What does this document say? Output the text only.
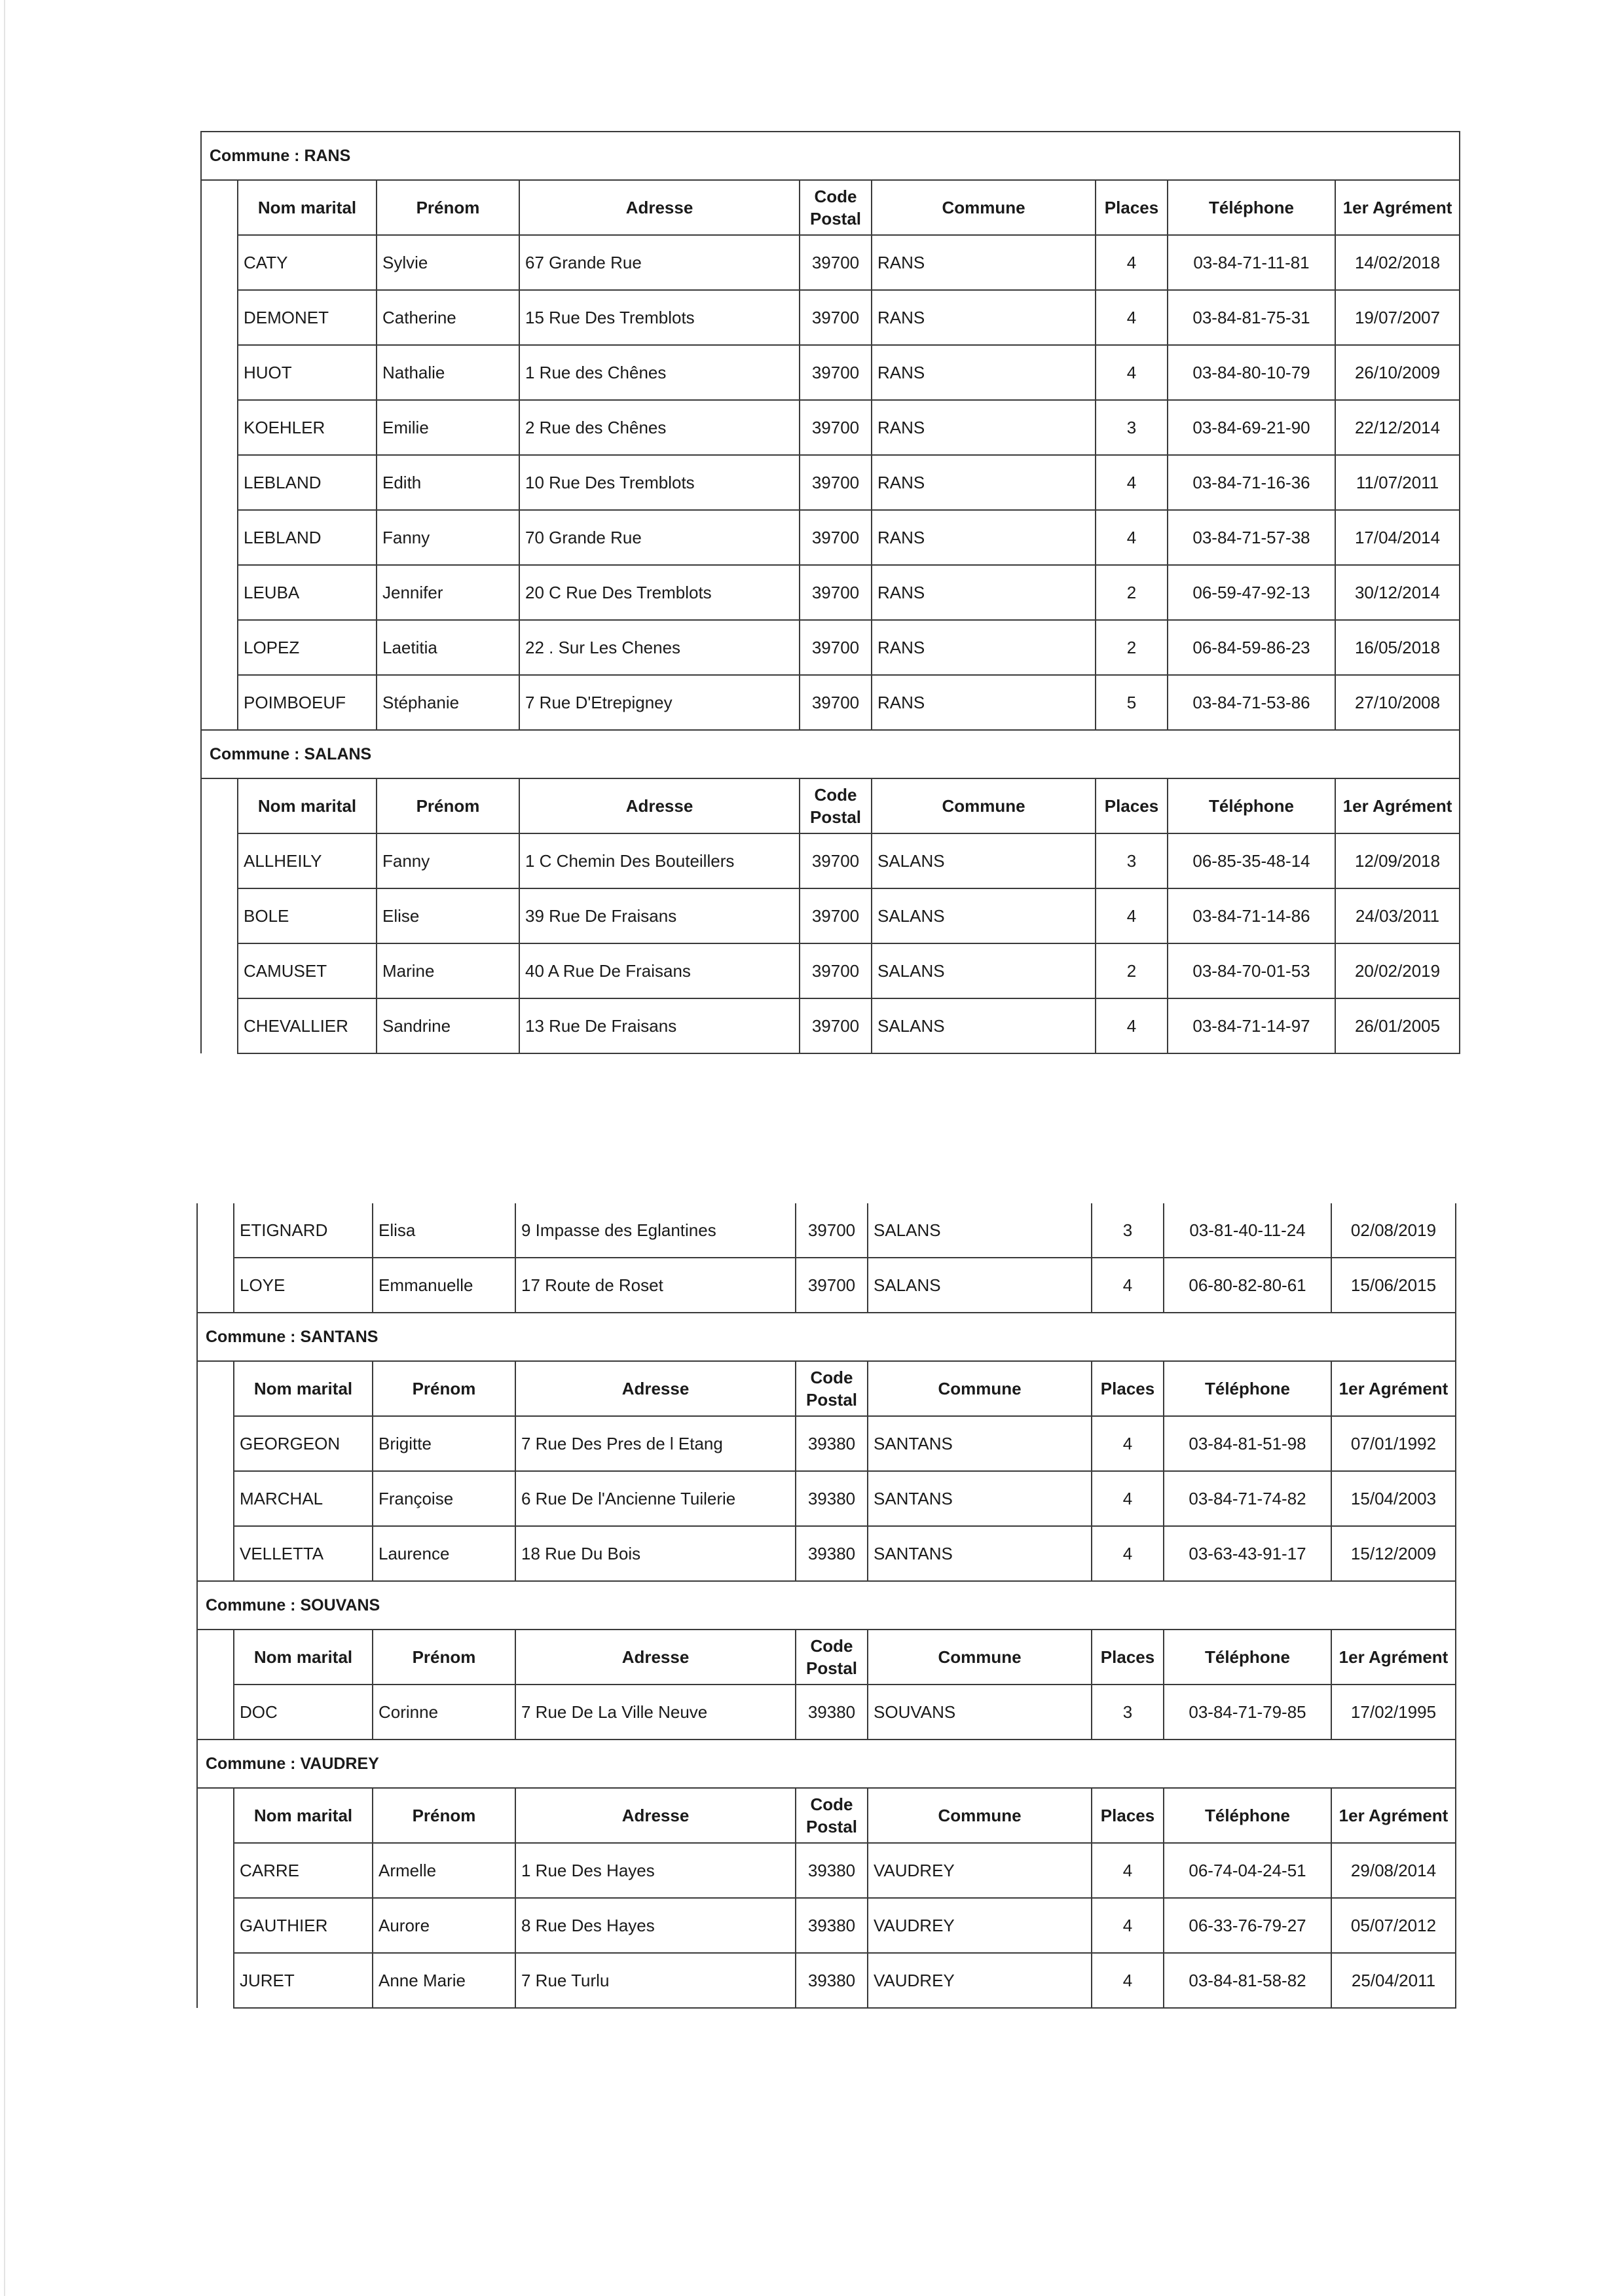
Commune : RANS								
	Nom marital	Prénom	Adresse	Code Postal	Commune	Places	Téléphone	1er Agrément
	CATY	Sylvie	67 Grande Rue	39700	RANS	4	03-84-71-11-81	14/02/2018
	DEMONET	Catherine	15 Rue Des Tremblots	39700	RANS	4	03-84-81-75-31	19/07/2007
	HUOT	Nathalie	1 Rue des Chênes	39700	RANS	4	03-84-80-10-79	26/10/2009
	KOEHLER	Emilie	2 Rue des Chênes	39700	RANS	3	03-84-69-21-90	22/12/2014
	LEBLAND	Edith	10 Rue Des Tremblots	39700	RANS	4	03-84-71-16-36	11/07/2011
	LEBLAND	Fanny	70 Grande Rue	39700	RANS	4	03-84-71-57-38	17/04/2014
	LEUBA	Jennifer	20 C Rue Des Tremblots	39700	RANS	2	06-59-47-92-13	30/12/2014
	LOPEZ	Laetitia	22 . Sur Les Chenes	39700	RANS	2	06-84-59-86-23	16/05/2018
	POIMBOEUF	Stéphanie	7 Rue D'Etrepigney	39700	RANS	5	03-84-71-53-86	27/10/2008
Commune : SALANS								
	Nom marital	Prénom	Adresse	Code Postal	Commune	Places	Téléphone	1er Agrément
	ALLHEILY	Fanny	1 C Chemin Des Bouteillers	39700	SALANS	3	06-85-35-48-14	12/09/2018
	BOLE	Elise	39 Rue De Fraisans	39700	SALANS	4	03-84-71-14-86	24/03/2011
	CAMUSET	Marine	40 A Rue De Fraisans	39700	SALANS	2	03-84-70-01-53	20/02/2019
	CHEVALLIER	Sandrine	13 Rue De Fraisans	39700	SALANS	4	03-84-71-14-97	26/01/2005
	ETIGNARD	Elisa	9 Impasse des Eglantines	39700	SALANS	3	03-81-40-11-24	02/08/2019
	LOYE	Emmanuelle	17 Route de Roset	39700	SALANS	4	06-80-82-80-61	15/06/2015
Commune : SANTANS								
	Nom marital	Prénom	Adresse	Code Postal	Commune	Places	Téléphone	1er Agrément
	GEORGEON	Brigitte	7 Rue Des Pres de l Etang	39380	SANTANS	4	03-84-81-51-98	07/01/1992
	MARCHAL	Françoise	6 Rue De l'Ancienne Tuilerie	39380	SANTANS	4	03-84-71-74-82	15/04/2003
	VELLETTA	Laurence	18 Rue Du Bois	39380	SANTANS	4	03-63-43-91-17	15/12/2009
Commune : SOUVANS								
	Nom marital	Prénom	Adresse	Code Postal	Commune	Places	Téléphone	1er Agrément
	DOC	Corinne	7 Rue De La Ville Neuve	39380	SOUVANS	3	03-84-71-79-85	17/02/1995
Commune : VAUDREY								
	Nom marital	Prénom	Adresse	Code Postal	Commune	Places	Téléphone	1er Agrément
	CARRE	Armelle	1 Rue Des Hayes	39380	VAUDREY	4	06-74-04-24-51	29/08/2014
	GAUTHIER	Aurore	8 Rue Des Hayes	39380	VAUDREY	4	06-33-76-79-27	05/07/2012
	JURET	Anne Marie	7 Rue Turlu	39380	VAUDREY	4	03-84-81-58-82	25/04/2011
